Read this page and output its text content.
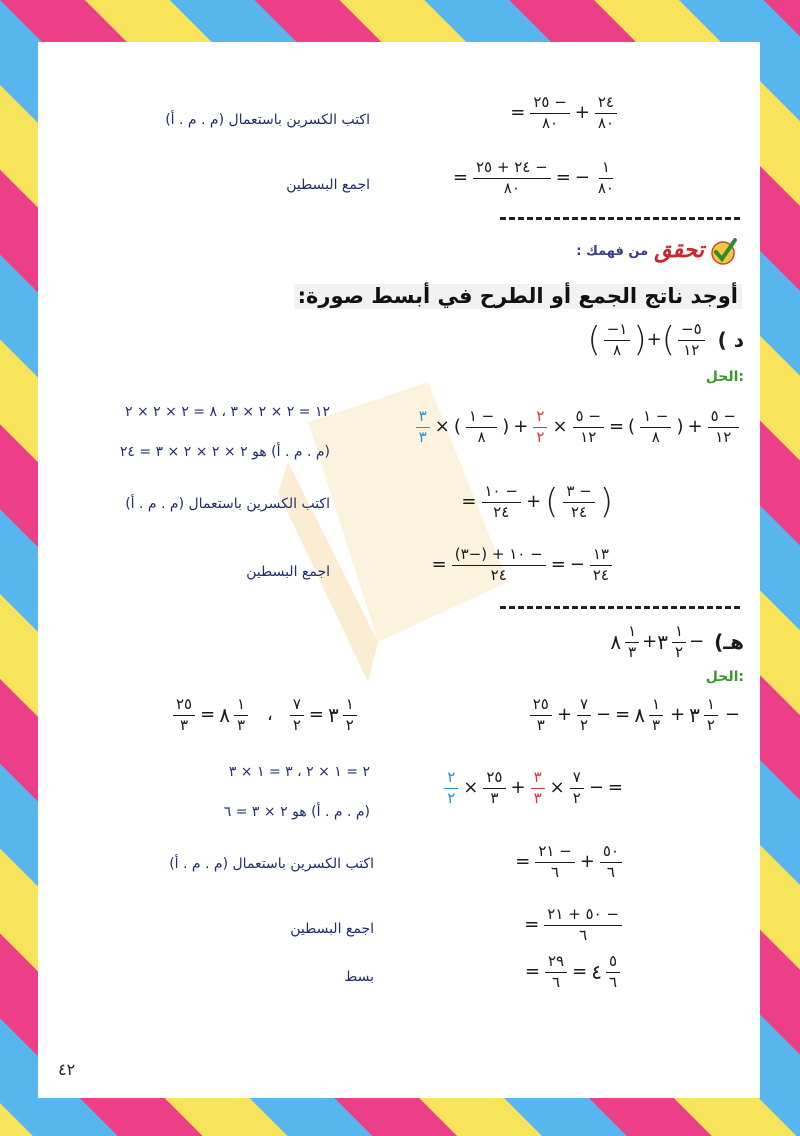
اكتب الكسرين باستعمال (م . م . أ)	=
٢٥ −
٨٠ +
٢٤
٨٠
اجمع البسطين	=
٢٤ + ٢٥ −
٨٠ = −
١
٨٠
تحقق
من فهمك :
أوجد ناتج الجمع أو الطرح في أبسط صورة:
د )
( −١
٨ ) + ( −٥
١٢
الحل:
١٢ = ٢ × ٢ × ٣ ، ٨ = ٢ × ٢ × ٢
(م . م . أ) هو ٢ × ٢ × ٢ × ٣ = ٢٤
٣
٣ × (
١ −
٨ ) +
٢
٢ ×
٥ −
١٢ = (
١ −
٨ ) +
٥ −
١٢
اكتب الكسرين باستعمال (م . م . أ)	=
١٠ −
٢٤ + ( ٣ −
٢٤ )
اجمع البسطين	=
(٣−) + ١٠ −
٢٤ = −
١٣
٢٤
هـ)
٨ ١
٣ + ٣ ١
٢ −
الحل:
٢٥
٣ = ٨ ١
٣ ،
٧
٢ = ٣ ١
٢
٢٥
٣ +
٧
٢ − = ٨ ١
٣ + ٣ ١
٢ −
٢ = ١ × ٢ ، ٣ = ١ × ٣
(م . م . أ) هو ٢ × ٣ = ٦
٢
٢ ×
٢٥
٣ +
٣
٣ ×
٧
٢ − =
اكتب الكسرين باستعمال (م . م . أ)	=
٢١ −
٦ +
٥٠
٦
اجمع البسطين	=
٥٠ + ٢١ −
٦
بسط	=
٢٩
٦ = ٤ ٥
٦
٤٢
